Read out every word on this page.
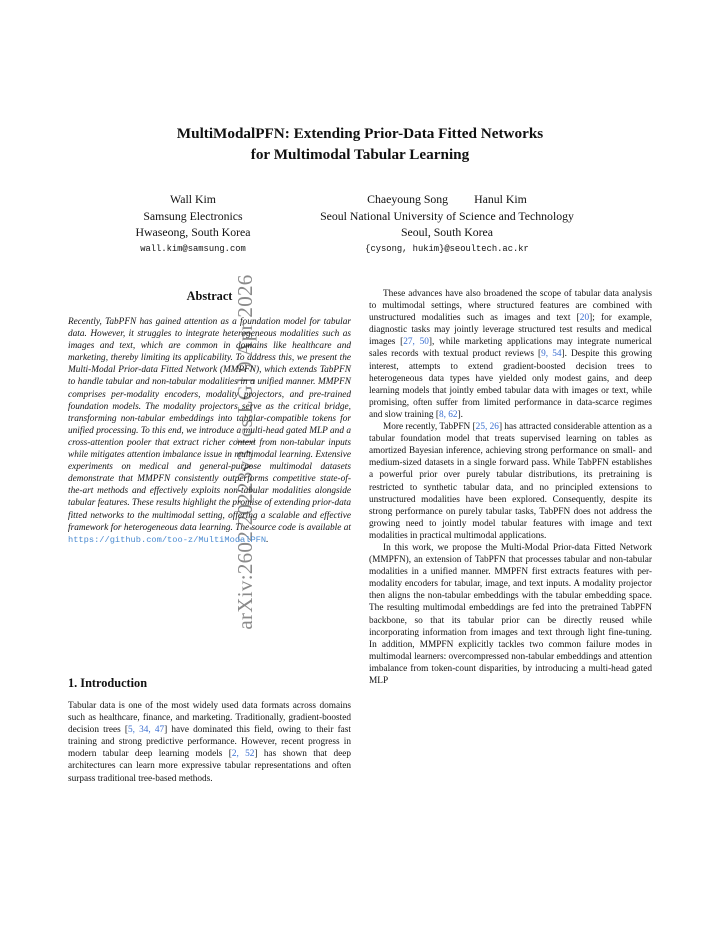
arXiv:2602.20223v3 [cs.LG] 9 Apr 2026
MultiModalPFN: Extending Prior-Data Fitted Networks
for Multimodal Tabular Learning
Wall Kim
Samsung Electronics
Hwaseong, South Korea
wall.kim@samsung.com
Chaeyoung Song Hanul Kim
Seoul National University of Science and Technology
Seoul, South Korea
{cysong, hukim}@seoultech.ac.kr
Abstract

Recently, TabPFN has gained attention as a foundation model for tabular data. However, it struggles to integrate heterogeneous modalities such as images and text, which are common in domains like healthcare and marketing, thereby limiting its applicability. To address this, we present the Multi-Modal Prior-data Fitted Network (MMPFN), which extends TabPFN to handle tabular and non-tabular modalities in a unified manner. MMPFN comprises per-modality encoders, modality projectors, and pre-trained foundation models. The modality projectors serve as the critical bridge, transforming non-tabular embeddings into tabular-compatible tokens for unified processing. To this end, we introduce a multi-head gated MLP and a cross-attention pooler that extract richer context from non-tabular inputs while mitigates attention imbalance issue in multimodal learning. Extensive experiments on medical and general-purpose multimodal datasets demonstrate that MMPFN consistently outperforms competitive state-of-the-art methods and effectively exploits non-tabular modalities alongside tabular features. These results highlight the promise of extending prior-data fitted networks to the multimodal setting, offering a scalable and effective framework for heterogeneous data learning. The source code is available at https://github.com/too-z/MultiModalPFN.

1. Introduction

Tabular data is one of the most widely used data formats across domains such as healthcare, finance, and marketing. Traditionally, gradient-boosted decision trees [5, 34, 47] have dominated this field, owing to their fast training and strong predictive performance. However, recent progress in modern tabular deep learning models [2, 52] has shown that deep architectures can learn more expressive tabular representations and often surpass traditional tree-based methods.

These advances have also broadened the scope of tabular data analysis to multimodal settings, where structured features are combined with unstructured modalities such as images and text [20]; for example, diagnostic tasks may jointly leverage structured test results and medical images [27, 50], while marketing applications may integrate numerical sales records with textual product reviews [9, 54]. Despite this growing interest, attempts to extend gradient-boosted decision trees to heterogeneous data types have yielded only modest gains, and deep learning models that jointly embed tabular data with images or text, while promising, often suffer from limited performance in data-scarce regimes and slow training [8, 62].

More recently, TabPFN [25, 26] has attracted considerable attention as a tabular foundation model that treats supervised learning on tables as amortized Bayesian inference, achieving strong performance on small- and medium-sized datasets in a single forward pass. While TabPFN establishes a powerful prior over purely tabular distributions, its pretraining is restricted to synthetic tabular data, and no principled extensions to unstructured modalities have been explored. Consequently, despite its strong performance on purely tabular tasks, TabPFN does not address the growing need to jointly model tabular features with image and text modalities in practical multimodal applications.

In this work, we propose the Multi-Modal Prior-data Fitted Network (MMPFN), an extension of TabPFN that processes tabular and non-tabular modalities in a unified manner. MMPFN first extracts features with per-modality encoders for tabular, image, and text inputs. A modality projector then aligns the non-tabular embeddings with the tabular embedding space. The resulting multimodal embeddings are fed into the pretrained TabPFN backbone, so that its tabular prior can be directly reused while incorporating information from images and text through light fine-tuning. In addition, MMPFN explicitly tackles two common failure modes in multimodal learners: overcompressed non-tabular embeddings and attention imbalance from token-count disparities, by introducing a multi-head gated MLP
